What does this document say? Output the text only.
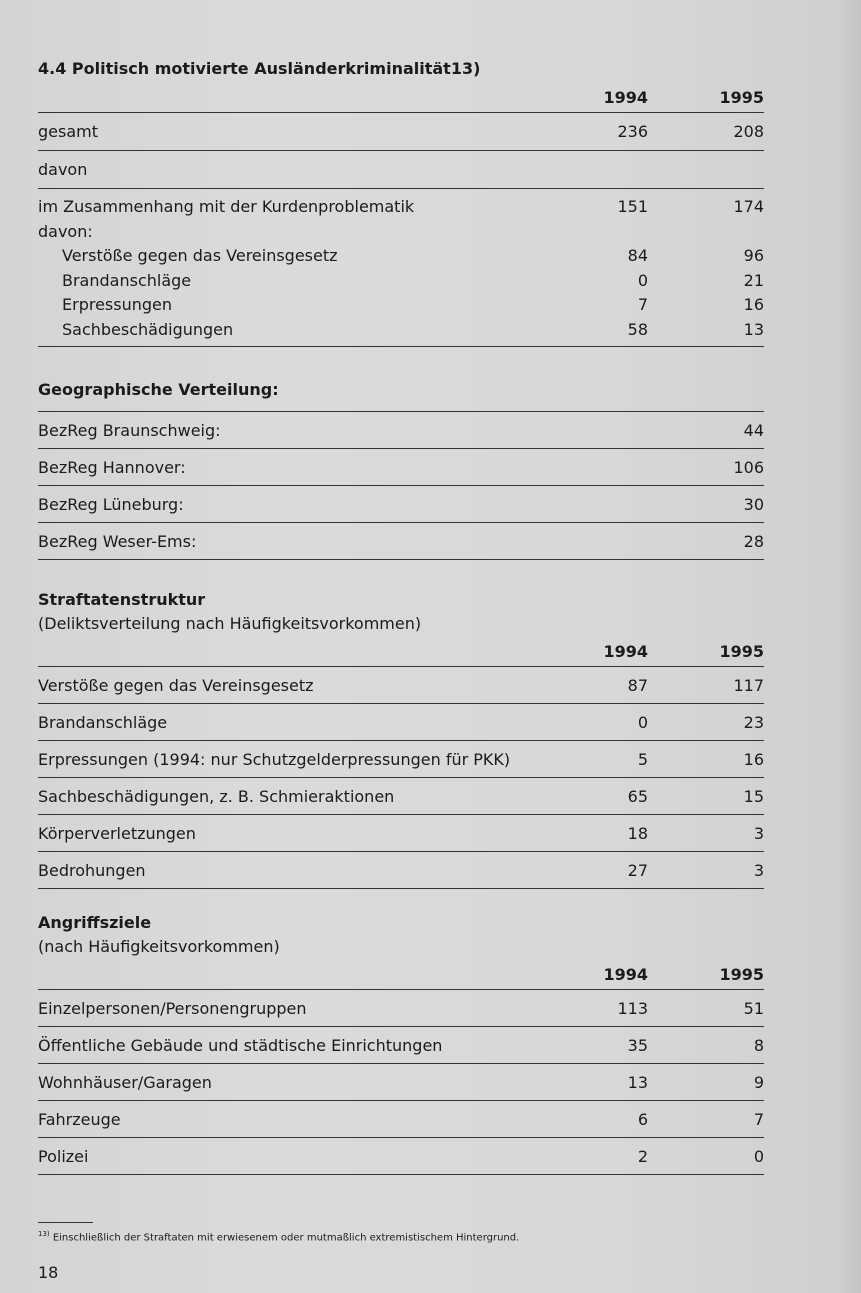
4.4 Politisch motivierte Ausländerkriminalität13)
1994	1995
gesamt	236	208
davon
im Zusammenhang mit der Kurdenproblematik	151	174
davon:
Verstöße gegen das Vereinsgesetz	84	96
Brandanschläge	0	21
Erpressungen	7	16
Sachbeschädigungen	58	13
Geographische Verteilung:
BezReg Braunschweig:	44
BezReg Hannover:	106
BezReg Lüneburg:	30
BezReg Weser-Ems:	28
Straftatenstruktur
(Deliktsverteilung nach Häufigkeitsvorkommen)
1994	1995
Verstöße gegen das Vereinsgesetz	87	117
Brandanschläge	0	23
Erpressungen (1994: nur Schutzgelderpressungen für PKK)	5	16
Sachbeschädigungen, z. B. Schmieraktionen	65	15
Körperverletzungen	18	3
Bedrohungen	27	3
Angriffsziele
(nach Häufigkeitsvorkommen)
1994	1995
Einzelpersonen/Personengruppen	113	51
Öffentliche Gebäude und städtische Einrichtungen	35	8
Wohnhäuser/Garagen	13	9
Fahrzeuge	6	7
Polizei	2	0
$^{13)}$ Einschließlich der Straftaten mit erwiesenem oder mutmaßlich extremistischem Hintergrund.
18
